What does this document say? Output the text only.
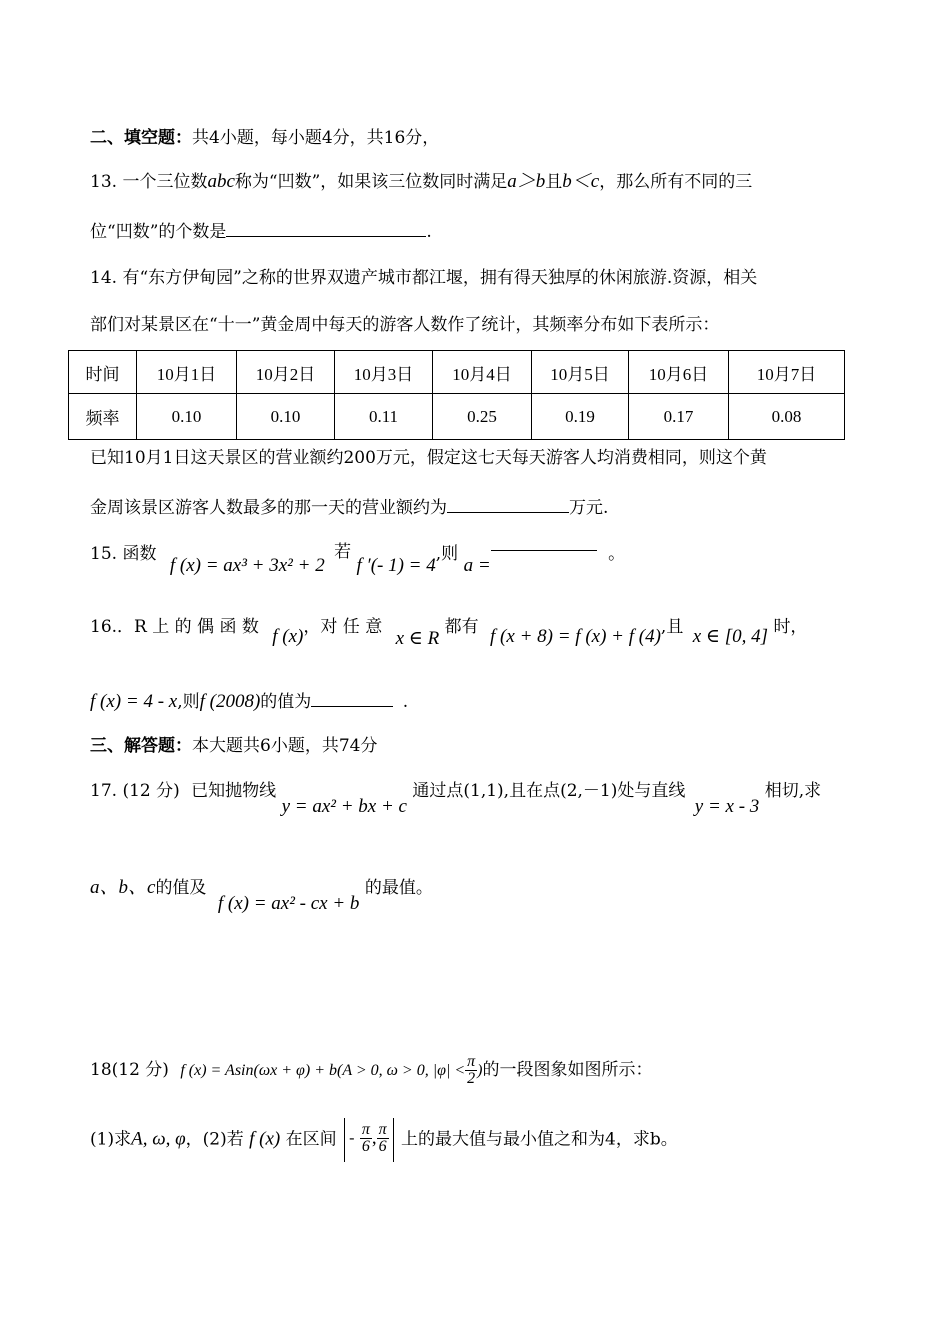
二、填空题：共4小题，每小题4分，共16分，
13. 一个三位数abc称为“凹数”，如果该三位数同时满足a＞b且b＜c，那么所有不同的三
位“凹数”的个数是	.
14. 有“东方伊甸园”之称的世界双遗产城市都江堰，拥有得天独厚的休闲旅游.资源，相关
部们对某景区在“十一”黄金周中每天的游客人数作了统计，其频率分布如下表所示：
时间	10月1日	10月2日	10月3日	10月4日	10月5日	10月6日	10月7日
频率	0.10	0.10	0.11	0.25	0.19	0.17	0.08
已知10月1日这天景区的营业额约200万元，假定这七天每天游客人均消费相同，则这个黄
金周该景区游客人数最多的那一天的营业额约为	万元.
15. 函数 f (x) = ax³ + 3x² + 2 若 f ′(- 1) = 4,则 a = 。
16.．R 上 的 偶 函 数 f (x)，对 任 意 x ∈ R 都有 f (x + 8) = f (x) + f (4),且 x ∈ [0, 4] 时，
f (x) = 4 - x,则f (2008)的值为	.
三、解答题：本大题共6小题，共74分
17. (12 分) 已知抛物线 y = ax² + bx + c 通过点(1,1),且在点(2,－1)处与直线 y = x - 3 相切,求
a、b、c的值及 f (x) = ax² - cx + b 的最值。
18(12 分) f (x) = Asin(ωx + φ) + b(A > 0, ω > 0, $|\varphi| < \frac{\pi}{2}$ )的一段图象如图所示：
(1)求A, ω, φ，(2)若 f (x) 在区间 - $\frac{\pi}{6}$ , $\frac{\pi}{6}$ 上的最大值与最小值之和为4，求b。
